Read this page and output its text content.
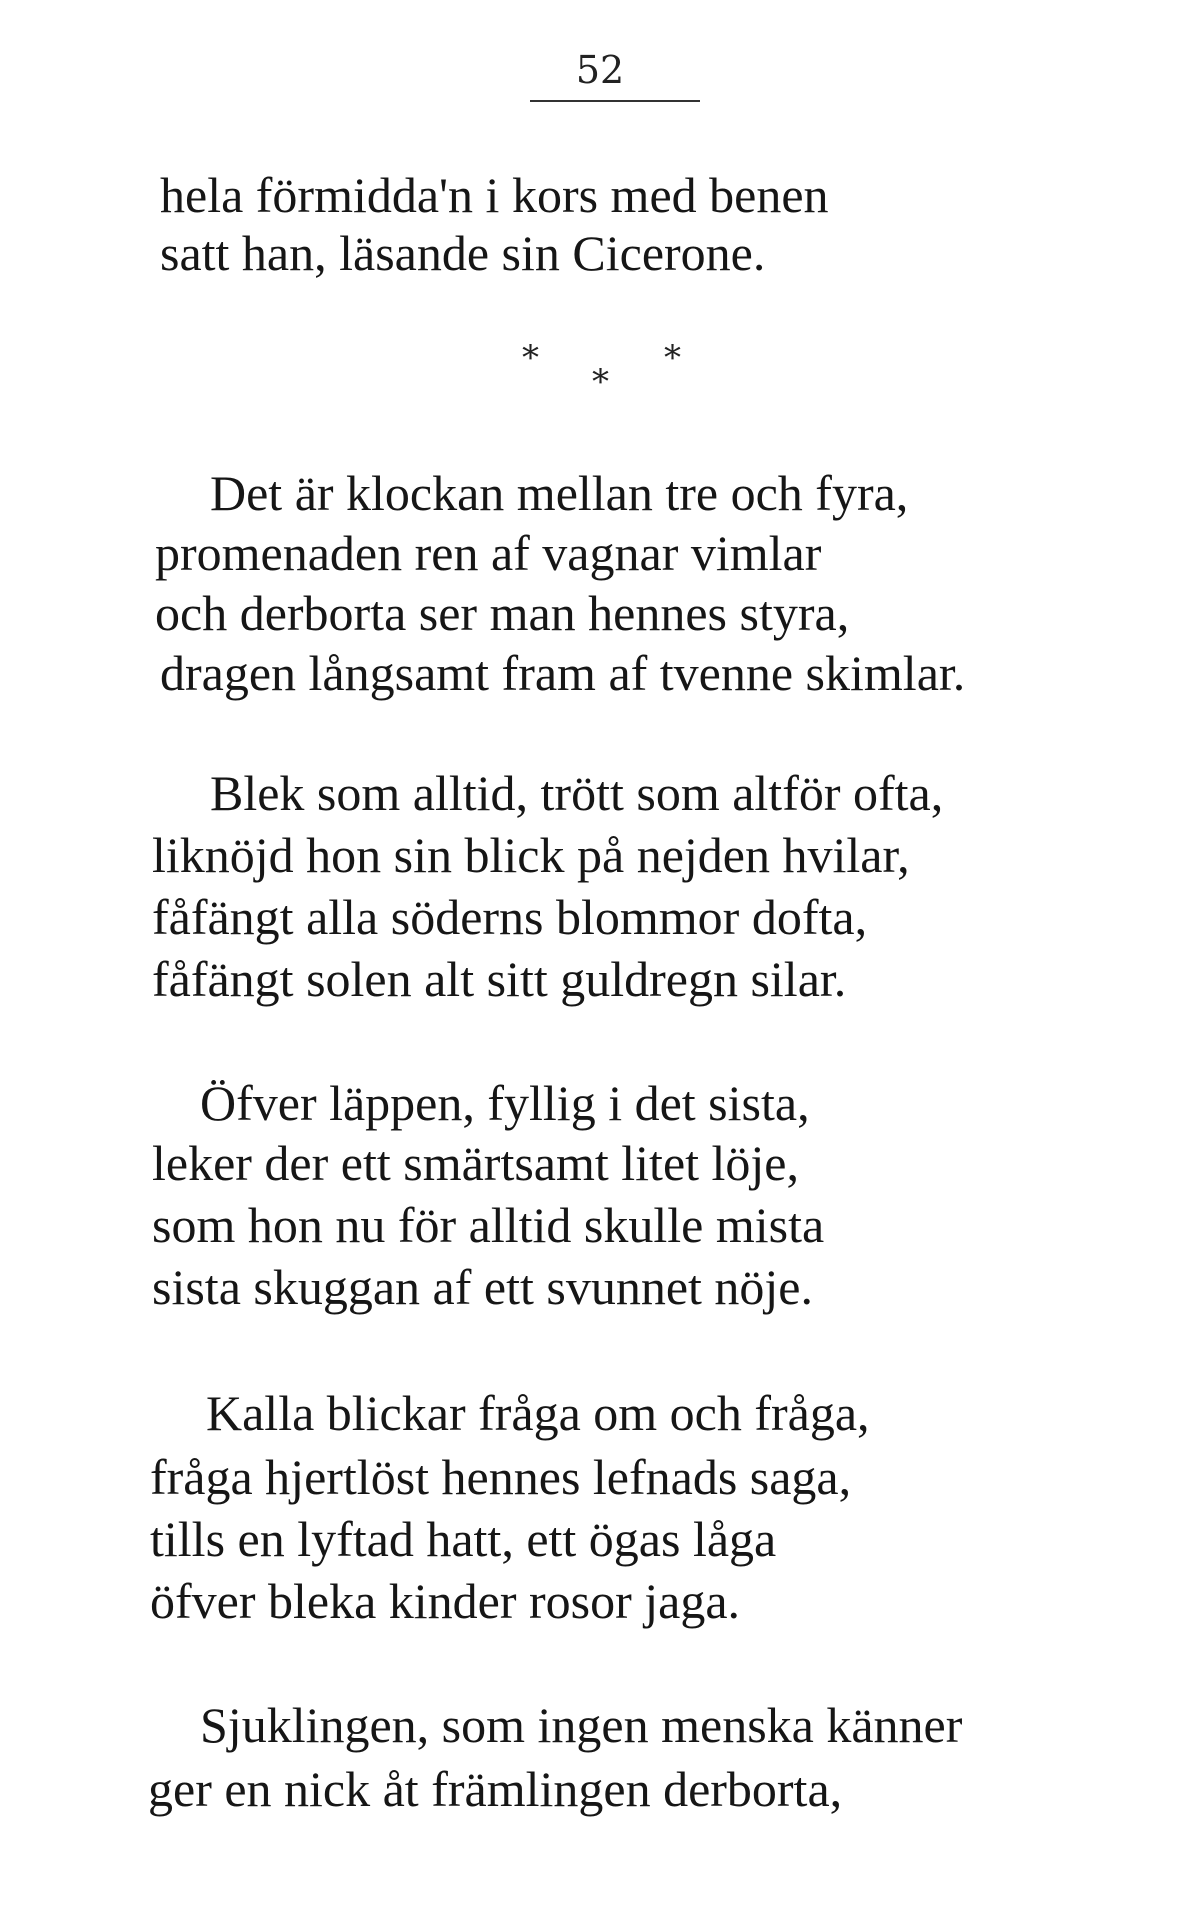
52
hela förmidda'n i kors med benen
satt han, läsande sin Cicerone.
*
*
*
Det är klockan mellan tre och fyra,
promenaden ren af vagnar vimlar
och derborta ser man hennes styra,
dragen långsamt fram af tvenne skimlar.
Blek som alltid, trött som altför ofta,
liknöjd hon sin blick på nejden hvilar,
fåfängt alla söderns blommor dofta,
fåfängt solen alt sitt guldregn silar.
Öfver läppen, fyllig i det sista,
leker der ett smärtsamt litet löje,
som hon nu för alltid skulle mista
sista skuggan af ett svunnet nöje.
Kalla blickar fråga om och fråga,
fråga hjertlöst hennes lefnads saga,
tills en lyftad hatt, ett ögas låga
öfver bleka kinder rosor jaga.
Sjuklingen, som ingen menska känner
ger en nick åt främlingen derborta,
